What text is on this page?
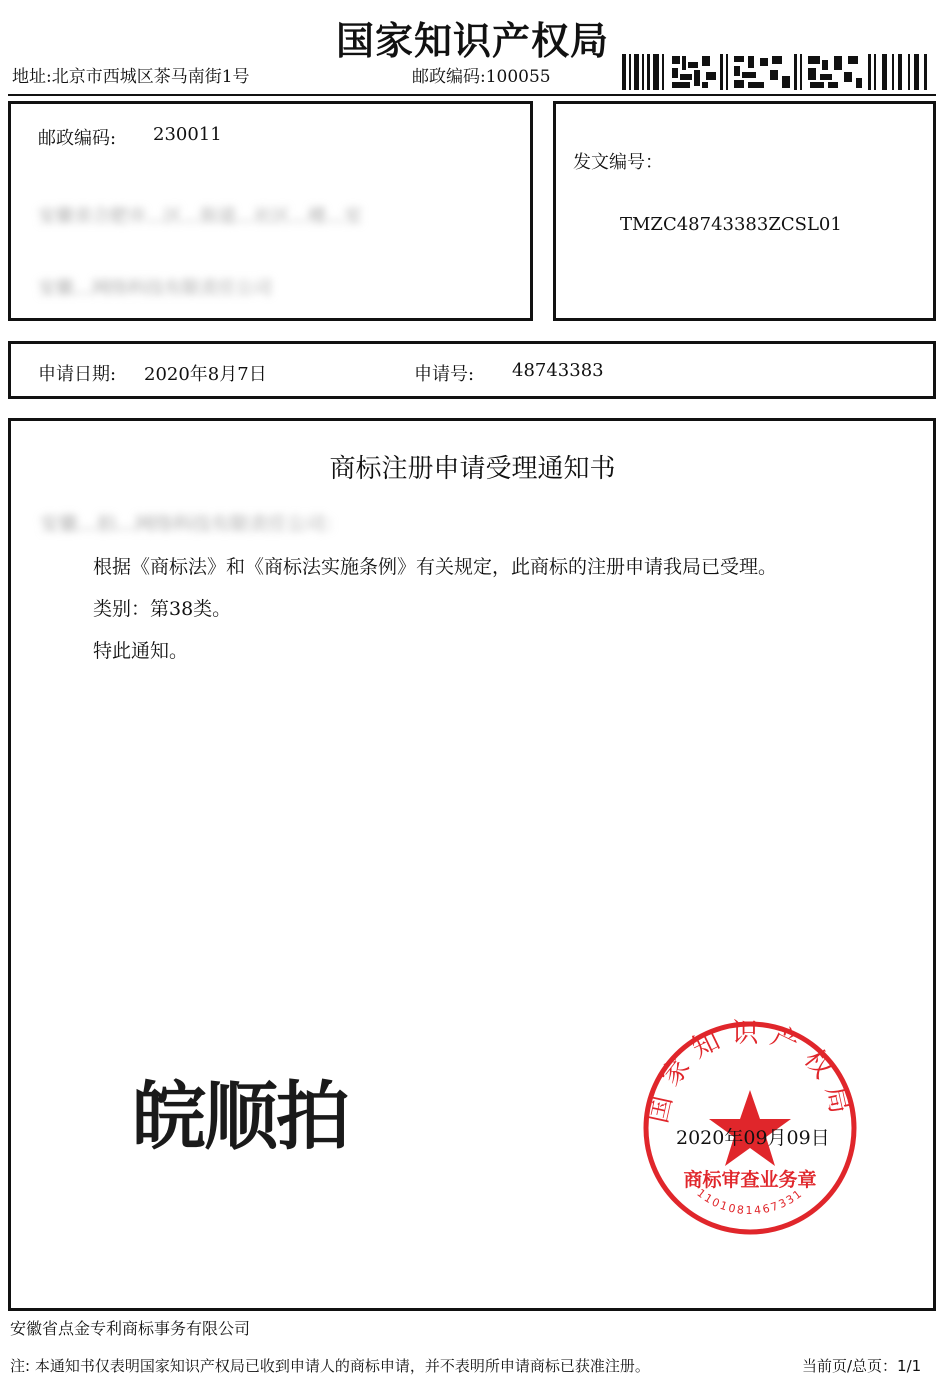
国家知识产权局
地址:北京市西城区茶马南街1号	邮政编码:100055
邮政编码: 230011
安徽省合肥市…区…街道…社区…楼…室
安徽…网络科技有限责任公司
发文编号：
TMZC48743383ZCSL01
申请日期: 2020年8月7日	申请号: 48743383
商标注册申请受理通知书
安徽…拍…网络科技有限责任公司：
根据《商标法》和《商标法实施条例》有关规定，此商标的注册申请我局已受理。
类别：第38类。
特此通知。
皖顺拍	国家知识产权局
商标审查业务章
1101081467331
2020年09月09日
安徽省点金专利商标事务有限公司
注: 本通知书仅表明国家知识产权局已收到申请人的商标申请，并不表明所申请商标已获准注册。	当前页/总页：1/1
